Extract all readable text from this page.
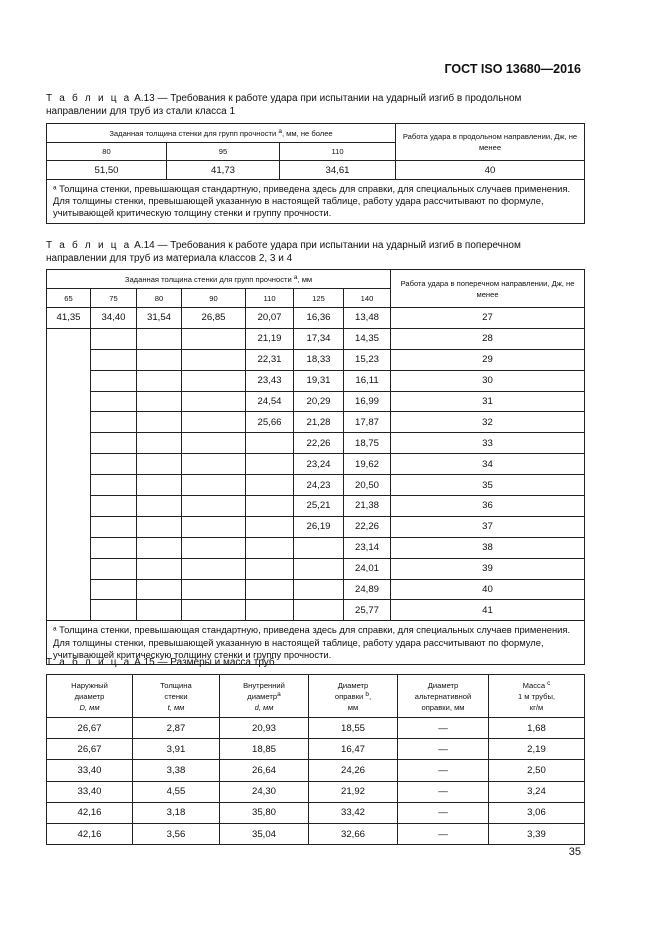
ГОСТ ISO 13680—2016
Т а б л и ц а А.13 — Требования к работе удара при испытании на ударный изгиб в продольном направлении для труб из стали класса 1
Заданная толщина стенки для групп прочности $^а$, мм, не более			Работа удара в продольном направлении, Дж, не менее
80	95	110	
51,50	41,73	34,61	40
ᵃ Толщина стенки, превышающая стандартную, приведена здесь для справки, для специальных случаев применения. Для толщины стенки, превышающей указанную в настоящей таблице, работу удара рассчитывают по формуле, учитывающей критическую толщину стенки и группу прочности.			
Т а б л и ц а А.14 — Требования к работе удара при испытании на ударный изгиб в поперечном направлении для труб из материала классов 2, 3 и 4
Заданная толщина стенки для групп прочности $^а$, мм							Работа удара в поперечном направлении, Дж, не менее
65	75	80	90	110	125	140	
41,35	34,40	31,54	26,85	20,07	16,36	13,48	27
				21,19	17,34	14,35	28
				22,31	18,33	15,23	29
				23,43	19,31	16,11	30
				24,54	20,29	16,99	31
				25,66	21,28	17,87	32
					22,26	18,75	33
					23,24	19,62	34
					24,23	20,50	35
					25,21	21,38	36
					26,19	22,26	37
						23,14	38
						24,01	39
						24,89	40
						25,77	41
ᵃ Толщина стенки, превышающая стандартную, приведена здесь для справки, для специальных случаев применения. Для толщины стенки, превышающей указанную в настоящей таблице, работу удара рассчитывают по формуле, учитывающей критическую толщину стенки и группу прочности.							
Т а б л и ц а А.15 — Размеры и масса труб
Наружный
диаметр
D, мм	Толщина
стенки
t, мм	Внутренний
диаметр$^a$
d, мм	Диаметр
оправки $^b$,
мм	Диаметр
альтернативной
оправки, мм	Масса $^c$
1 м трубы,
кг/м
26,67	2,87	20,93	18,55	—	1,68
26,67	3,91	18,85	16,47	—	2,19
33,40	3,38	26,64	24,26	—	2,50
33,40	4,55	24,30	21,92	—	3,24
42,16	3,18	35,80	33,42	—	3,06
42,16	3,56	35,04	32,66	—	3,39
35
